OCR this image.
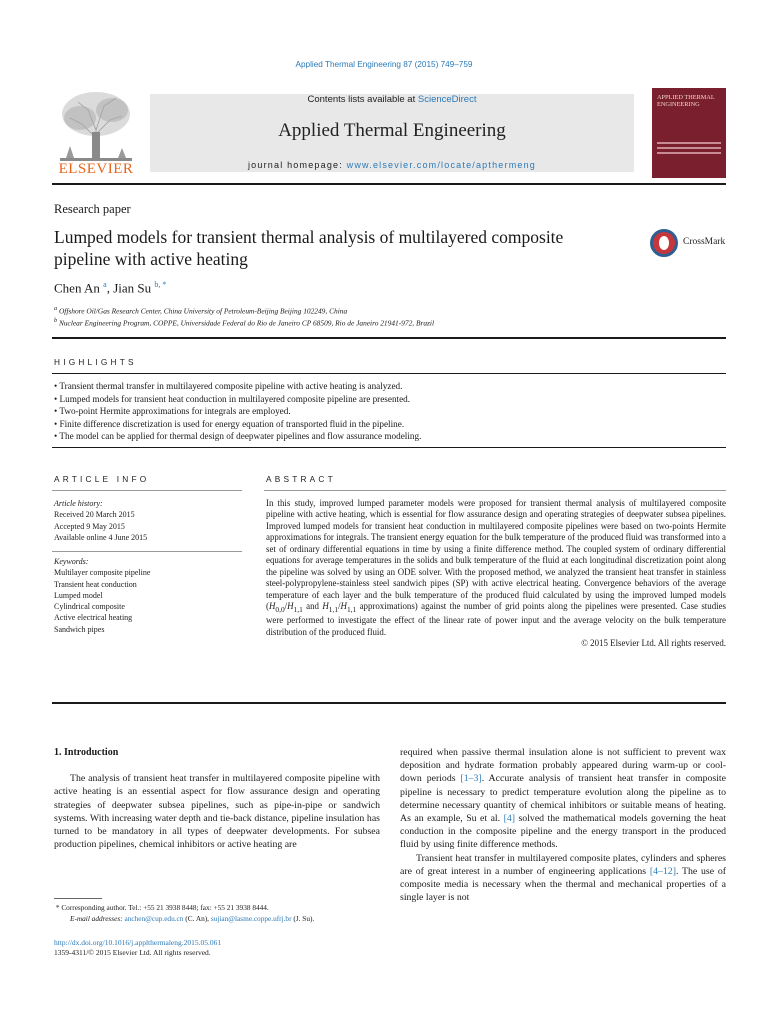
Applied Thermal Engineering 87 (2015) 749–759
ELSEVIER
Contents lists available at ScienceDirect
Applied Thermal Engineering
journal homepage: www.elsevier.com/locate/apthermeng
APPLIED THERMAL ENGINEERING
Research paper
Lumped models for transient thermal analysis of multilayered composite pipeline with active heating
CrossMark
Chen An $^a$, Jian Su $^{b, *}$
$^a$ Offshore Oil/Gas Research Center, China University of Petroleum-Beijing Beijing 102249, China
$^b$ Nuclear Engineering Program, COPPE, Universidade Federal do Rio de Janeiro CP 68509, Rio de Janeiro 21941-972, Brazil
HIGHLIGHTS
• Transient thermal transfer in multilayered composite pipeline with active heating is analyzed.
• Lumped models for transient heat conduction in multilayered composite pipeline are presented.
• Two-point Hermite approximations for integrals are employed.
• Finite difference discretization is used for energy equation of transported fluid in the pipeline.
• The model can be applied for thermal design of deepwater pipelines and flow assurance modeling.
ARTICLE INFO
Article history:
Received 20 March 2015
Accepted 9 May 2015
Available online 4 June 2015
Keywords:
Multilayer composite pipeline
Transient heat conduction
Lumped model
Cylindrical composite
Active electrical heating
Sandwich pipes
ABSTRACT

In this study, improved lumped parameter models were proposed for transient thermal analysis of multilayered composite pipeline with active heating, which is essential for flow assurance design and operating strategies of deepwater subsea pipelines. Improved lumped models for transient heat conduction in multilayered composite pipelines were based on two-points Hermite approximations for integrals. The transient energy equation for the bulk temperature of the produced fluid was transformed into a set of ordinary differential equations in time by using a finite difference method. The coupled system of ordinary differential equations for average temperatures in the solids and bulk temperature of the fluid at each longitudinal discretization point along the pipeline was solved by using an ODE solver. With the proposed method, we analyzed the transient heat transfer in stainless steel-polypropylene-stainless steel sandwich pipes (SP) with active electrical heating. Convergence behaviors of the average temperature of each layer and the bulk temperature of the produced fluid calculated by using the improved lumped models ($H_{0,0}/H_{1,1}$ and $H_{1,1}/H_{1,1}$ approximations) against the number of grid points along the pipelines were presented. Case studies were performed to investigate the effect of the linear rate of power input and the average velocity on the bulk temperature distribution of the produced fluid.

© 2015 Elsevier Ltd. All rights reserved.
1. Introduction

The analysis of transient heat transfer in multilayered composite pipeline with active heating is an essential aspect for flow assurance design and operating strategies of deepwater subsea pipelines, such as pipe-in-pipe or sandwich systems. With increasing water depth and tie-back distance, pipeline insulation has turned to be mandatory in all types of deepwater developments. For subsea production pipelines, chemical inhibitors or active heating are

required when passive thermal insulation alone is not sufficient to prevent wax deposition and hydrate formation probably appeared during warm-up or cool-down periods [1–3]. Accurate analysis of transient heat transfer in composite pipeline is necessary to predict temperature evolution along the pipeline as to determine necessary quantity of chemical inhibitors or suitable means of heating. As an example, Su et al. [4] solved the mathematical models governing the heat conduction in the composite pipeline and the energy transport in the produced fluid by using finite difference methods.

Transient heat transfer in multilayered composite plates, cylinders and spheres are of great interest in a number of engineering applications [4–12]. The use of composite media is necessary when the thermal and mechanical properties of a single layer is not

* Corresponding author. Tel.: +55 21 3938 8448; fax: +55 21 3938 8444.
E-mail addresses: anchen@cup.edu.cn (C. An), sujian@lasme.coppe.ufrj.br (J. Su).
http://dx.doi.org/10.1016/j.applthermaleng.2015.05.061
1359-4311/© 2015 Elsevier Ltd. All rights reserved.
